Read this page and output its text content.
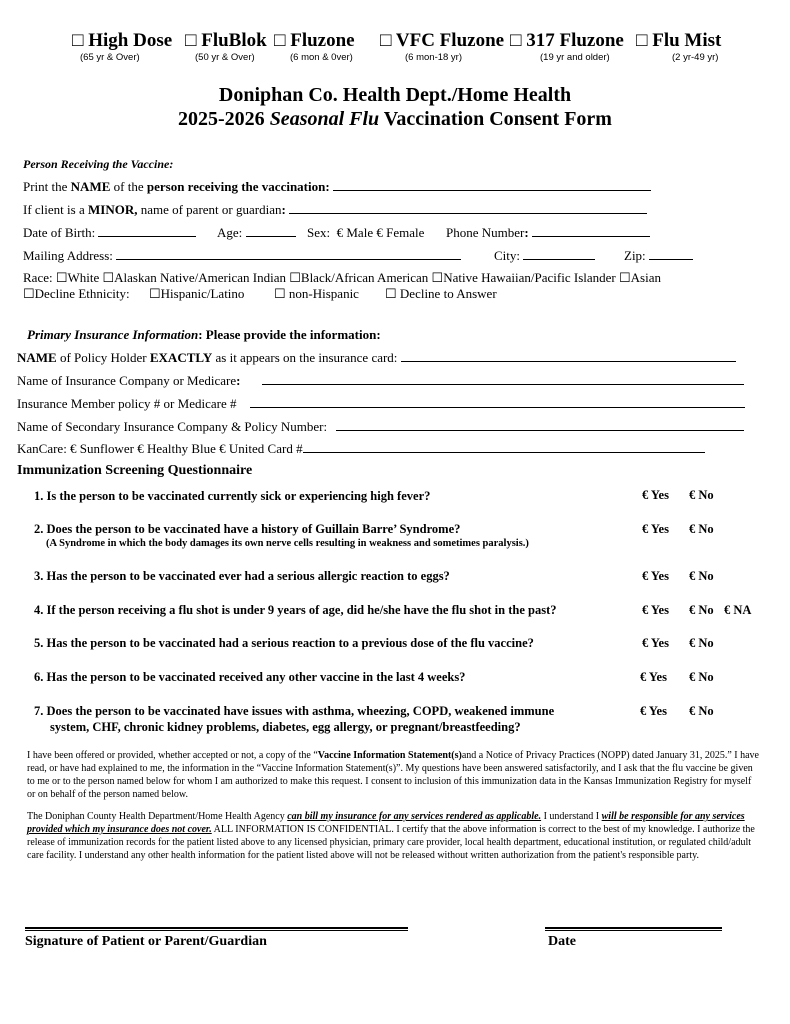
□ High Dose
(65 yr & Over)
□ FluBlok
(50 yr & Over)
□ Fluzone
(6 mon & 0ver)
□ VFC Fluzone
(6 mon-18 yr)
□ 317 Fluzone
(19 yr and older)
□ Flu Mist
(2 yr-49 yr)
Doniphan Co. Health Dept./Home Health
2025-2026 Seasonal Flu Vaccination Consent Form
Person Receiving the Vaccine:
Print the NAME of the person receiving the vaccination:
If client is a MINOR, name of parent or guardian:
Date of Birth:	Age:	Sex: € Male € Female Phone Number:
Mailing Address:	City:	Zip:
Race: ☐White ☐Alaskan Native/American Indian ☐Black/African American ☐Native Hawaiian/Pacific Islander ☐Asian
☐Decline Ethnicity: ☐Hispanic/Latino ☐ non-Hispanic ☐ Decline to Answer
Primary Insurance Information: Please provide the information:
NAME of Policy Holder EXACTLY as it appears on the insurance card:
Name of Insurance Company or Medicare:
Insurance Member policy # or Medicare #
Name of Secondary Insurance Company & Policy Number:
KanCare: € Sunflower € Healthy Blue € United Card #
Immunization Screening Questionnaire
1. Is the person to be vaccinated currently sick or experiencing high fever?	€ Yes € No
2. Does the person to be vaccinated have a history of Guillain Barre’ Syndrome?
(A Syndrome in which the body damages its own nerve cells resulting in weakness and sometimes paralysis.)
€ Yes € No
3. Has the person to be vaccinated ever had a serious allergic reaction to eggs?	€ Yes € No
4. If the person receiving a flu shot is under 9 years of age, did he/she have the flu shot in the past?	€ Yes € No € NA
5. Has the person to be vaccinated had a serious reaction to a previous dose of the flu vaccine?	€ Yes € No
6. Has the person to be vaccinated received any other vaccine in the last 4 weeks?	€ Yes € No
7. Does the person to be vaccinated have issues with asthma, wheezing, COPD, weakened immune
system, CHF, chronic kidney problems, diabetes, egg allergy, or pregnant/breastfeeding?
€ Yes € No
I have been offered or provided, whether accepted or not, a copy of the “Vaccine Information Statement(s)and a Notice of Privacy Practices (NOPP) dated January 31, 2025.” I have read, or have had explained to me, the information in the “Vaccine Information Statement(s)”. My questions have been answered satisfactorily, and I ask that the flu vaccine be given to me or to the person named below for whom I am authorized to make this request. I consent to inclusion of this immunization data in the Kansas Immunization Registry for myself or on behalf of the person named below.
The Doniphan County Health Department/Home Health Agency can bill my insurance for any services rendered as applicable. I understand I will be responsible for any services provided which my insurance does not cover. ALL INFORMATION IS CONFIDENTIAL. I certify that the above information is correct to the best of my knowledge. I authorize the release of immunization records for the patient listed above to any licensed physician, primary care provider, local health department, educational institution, or regulated child/adult care facility. I understand any other health information for the patient listed above will not be released without written authorization from the patient's responsible party.
Signature of Patient or Parent/Guardian	Date
